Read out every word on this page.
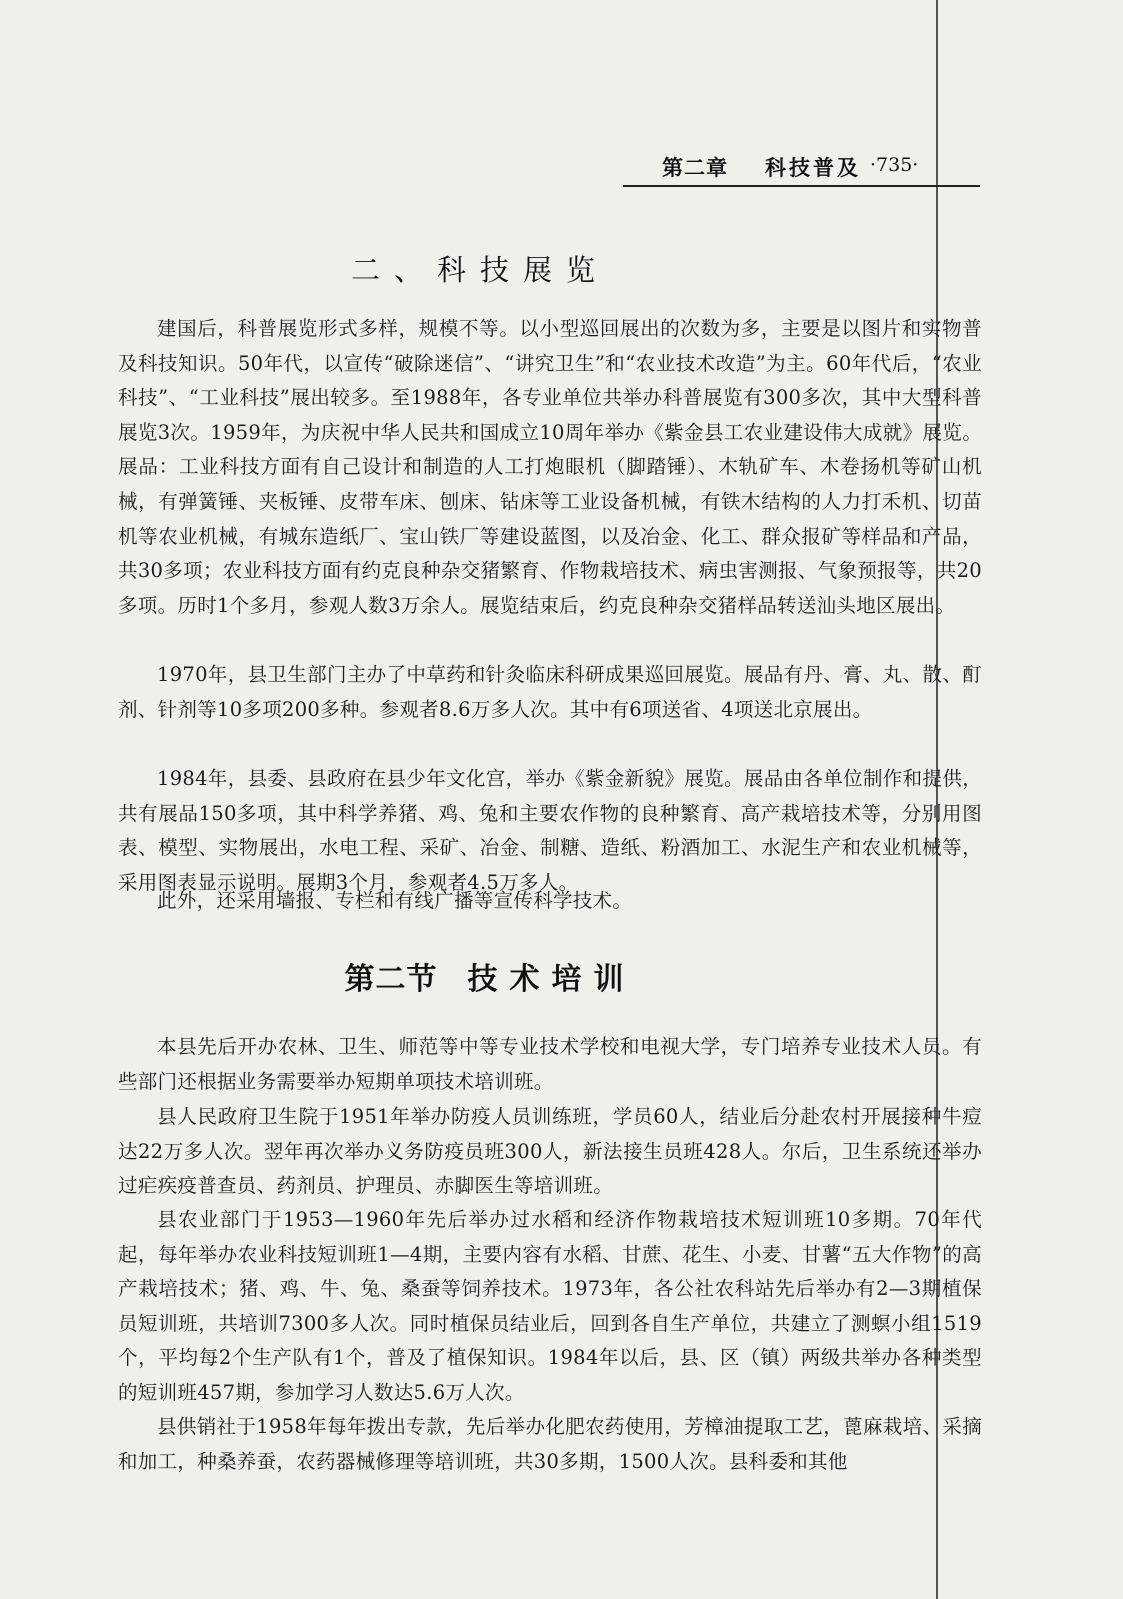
第二章 科技普及 ·735·
二、科技展览

建国后，科普展览形式多样，规模不等。以小型巡回展出的次数为多，主要是以图片和实物普及科技知识。50年代，以宣传“破除迷信”、“讲究卫生”和“农业技术改造”为主。60年代后，“农业科技”、“工业科技”展出较多。至1988年，各专业单位共举办科普展览有300多次，其中大型科普展览3次。1959年，为庆祝中华人民共和国成立10周年举办《紫金县工农业建设伟大成就》展览。展品：工业科技方面有自己设计和制造的人工打炮眼机（脚踏锤）、木轨矿车、木卷扬机等矿山机械，有弹簧锤、夹板锤、皮带车床、刨床、钻床等工业设备机械，有铁木结构的人力打禾机、切苗机等农业机械，有城东造纸厂、宝山铁厂等建设蓝图，以及冶金、化工、群众报矿等样品和产品，共30多项；农业科技方面有约克良种杂交猪繁育、作物栽培技术、病虫害测报、气象预报等，共20多项。历时1个多月，参观人数3万余人。展览结束后，约克良种杂交猪样品转送汕头地区展出。

1970年，县卫生部门主办了中草药和针灸临床科研成果巡回展览。展品有丹、膏、丸、散、酊剂、针剂等10多项200多种。参观者8.6万多人次。其中有6项送省、4项送北京展出。

1984年，县委、县政府在县少年文化宫，举办《紫金新貌》展览。展品由各单位制作和提供，共有展品150多项，其中科学养猪、鸡、兔和主要农作物的良种繁育、高产栽培技术等，分别用图表、模型、实物展出，水电工程、采矿、冶金、制糖、造纸、粉酒加工、水泥生产和农业机械等，采用图表显示说明。展期3个月，参观者4.5万多人。

此外，还采用墙报、专栏和有线广播等宣传科学技术。

第二节 技术培训

本县先后开办农林、卫生、师范等中等专业技术学校和电视大学，专门培养专业技术人员。有些部门还根据业务需要举办短期单项技术培训班。

县人民政府卫生院于1951年举办防疫人员训练班，学员60人，结业后分赴农村开展接种牛痘达22万多人次。翌年再次举办义务防疫员班300人，新法接生员班428人。尔后，卫生系统还举办过疟疾疫普查员、药剂员、护理员、赤脚医生等培训班。

县农业部门于1953—1960年先后举办过水稻和经济作物栽培技术短训班10多期。70年代起，每年举办农业科技短训班1—4期，主要内容有水稻、甘蔗、花生、小麦、甘薯“五大作物”的高产栽培技术；猪、鸡、牛、兔、桑蚕等饲养技术。1973年，各公社农科站先后举办有2—3期植保员短训班，共培训7300多人次。同时植保员结业后，回到各自生产单位，共建立了测螟小组1519个，平均每2个生产队有1个，普及了植保知识。1984年以后，县、区（镇）两级共举办各种类型的短训班457期，参加学习人数达5.6万人次。

县供销社于1958年每年拨出专款，先后举办化肥农药使用，芳樟油提取工艺，蓖麻栽培、采摘和加工，种桑养蚕，农药器械修理等培训班，共30多期，1500人次。县科委和其他
